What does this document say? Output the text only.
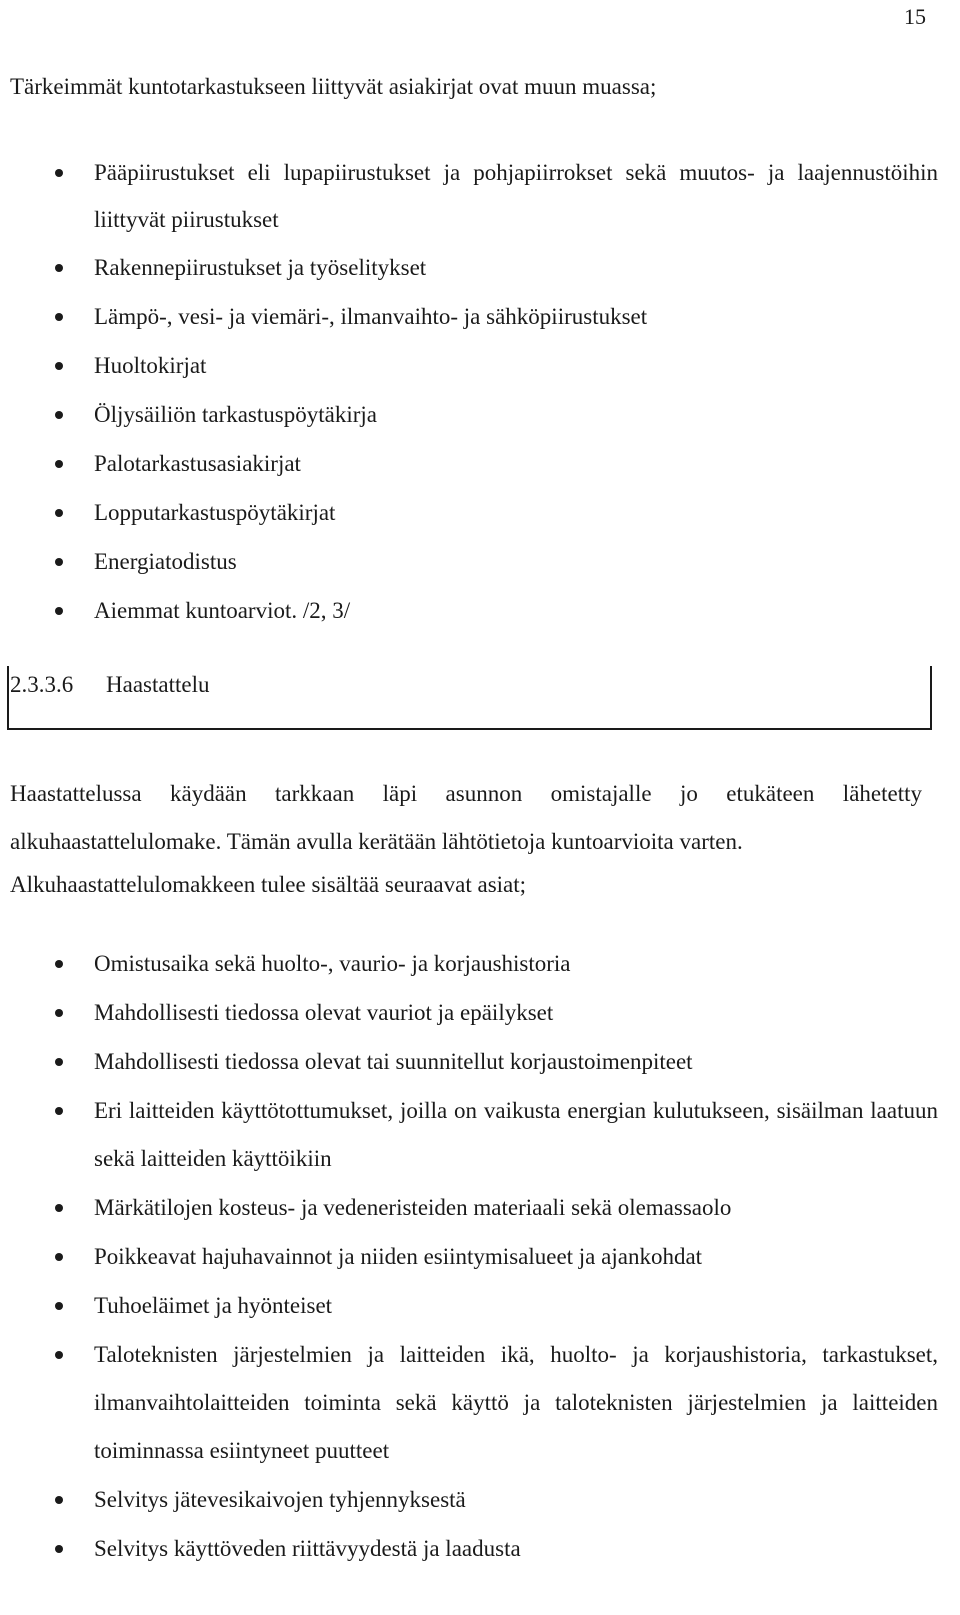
15
Tärkeimmät kuntotarkastukseen liittyvät asiakirjat ovat muun muassa;
Pääpiirustukset eli lupapiirustukset ja pohjapiirrokset sekä muutos- ja laajennustöihin liittyvät piirustukset
Rakennepiirustukset ja työselitykset
Lämpö-, vesi- ja viemäri-, ilmanvaihto- ja sähköpiirustukset
Huoltokirjat
Öljysäiliön tarkastuspöytäkirja
Palotarkastusasiakirjat
Lopputarkastuspöytäkirjat
Energiatodistus
Aiemmat kuntoarviot. /2, 3/
2.3.3.6 Haastattelu
Haastattelussa käydään tarkkaan läpi asunnon omistajalle jo etukäteen lähetetty alkuhaastattelulomake. Tämän avulla kerätään lähtötietoja kuntoarvioita varten.
Alkuhaastattelulomakkeen tulee sisältää seuraavat asiat;
Omistusaika sekä huolto-, vaurio- ja korjaushistoria
Mahdollisesti tiedossa olevat vauriot ja epäilykset
Mahdollisesti tiedossa olevat tai suunnitellut korjaustoimenpiteet
Eri laitteiden käyttötottumukset, joilla on vaikusta energian kulutukseen, sisäilman laatuun sekä laitteiden käyttöikiin
Märkätilojen kosteus- ja vedeneristeiden materiaali sekä olemassaolo
Poikkeavat hajuhavainnot ja niiden esiintymisalueet ja ajankohdat
Tuhoeläimet ja hyönteiset
Taloteknisten järjestelmien ja laitteiden ikä, huolto- ja korjaushistoria, tarkastukset, ilmanvaihtolaitteiden toiminta sekä käyttö ja taloteknisten järjestelmien ja laitteiden toiminnassa esiintyneet puutteet
Selvitys jätevesikaivojen tyhjennyksestä
Selvitys käyttöveden riittävyydestä ja laadusta
